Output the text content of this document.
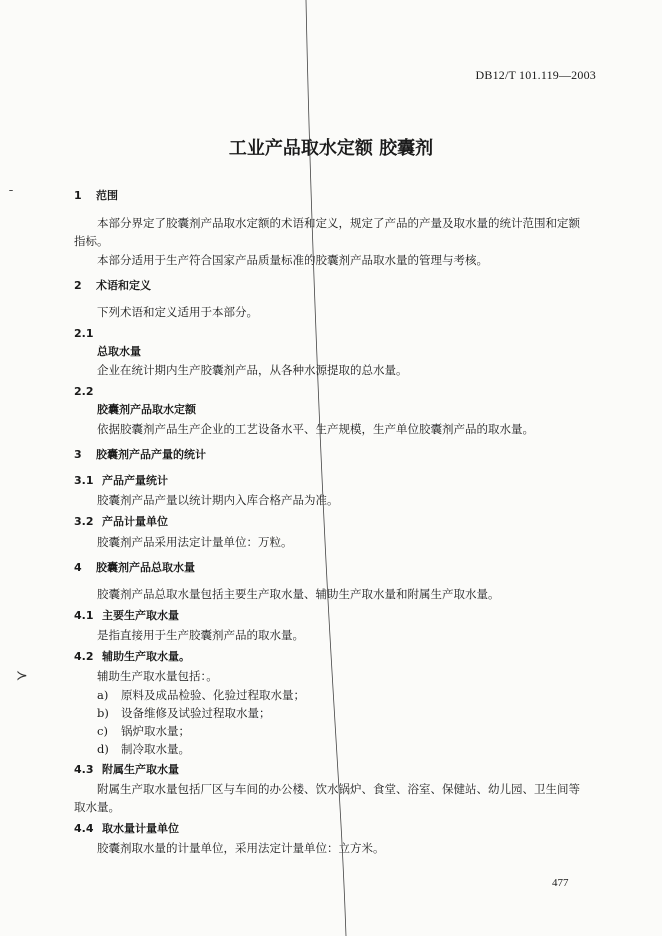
DB12/T 101.119—2003
工业产品取水定额 胶囊剂
1 范围
本部分界定了胶囊剂产品取水定额的术语和定义，规定了产品的产量及取水量的统计范围和定额
指标。
本部分适用于生产符合国家产品质量标准的胶囊剂产品取水量的管理与考核。
2 术语和定义
下列术语和定义适用于本部分。
2.1
总取水量
企业在统计期内生产胶囊剂产品，从各种水源提取的总水量。
2.2
胶囊剂产品取水定额
依据胶囊剂产品生产企业的工艺设备水平、生产规模，生产单位胶囊剂产品的取水量。
3 胶囊剂产品产量的统计
3.1 产品产量统计
胶囊剂产品产量以统计期内入库合格产品为准。
3.2 产品计量单位
胶囊剂产品采用法定计量单位：万粒。
4 胶囊剂产品总取水量
胶囊剂产品总取水量包括主要生产取水量、辅助生产取水量和附属生产取水量。
4.1 主要生产取水量
是指直接用于生产胶囊剂产品的取水量。
4.2 辅助生产取水量。
辅助生产取水量包括：。
a) 原料及成品检验、化验过程取水量；
b) 设备维修及试验过程取水量；
c) 锅炉取水量；
d) 制冷取水量。
4.3 附属生产取水量
附属生产取水量包括厂区与车间的办公楼、饮水锅炉、食堂、浴室、保健站、幼儿园、卫生间等
取水量。
4.4 取水量计量单位
胶囊剂取水量的计量单位，采用法定计量单位：立方米。
477
ˉ
≻
